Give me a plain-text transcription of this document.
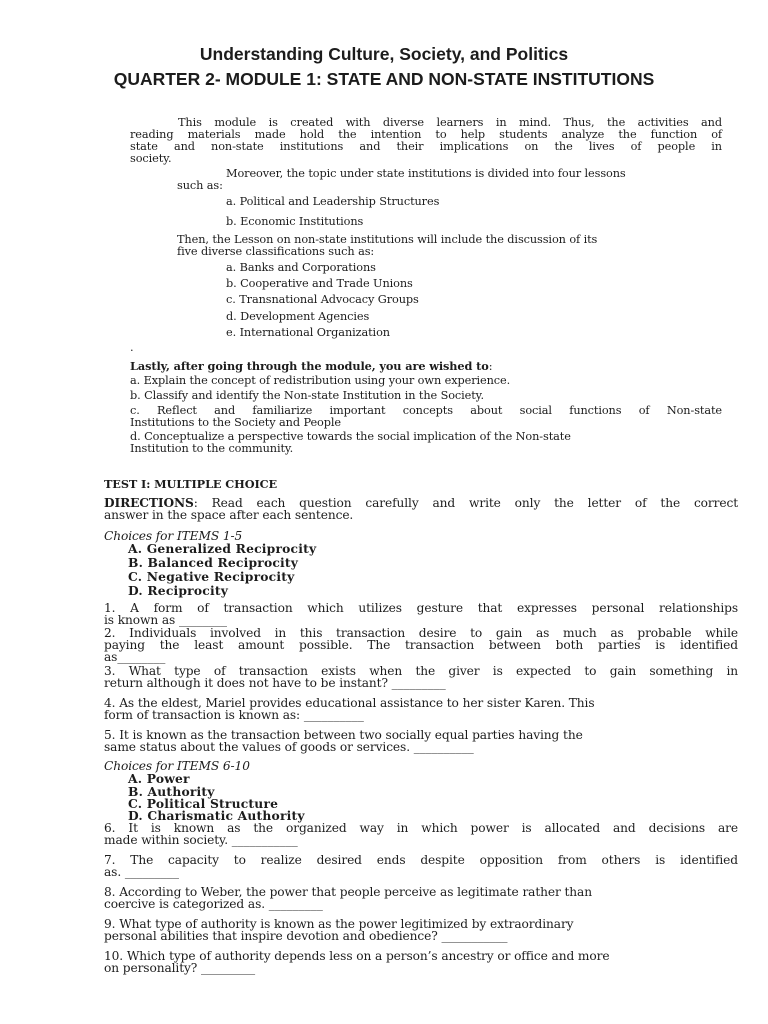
Understanding Culture, Society, and Politics
QUARTER 2- MODULE 1: STATE AND NON-STATE INSTITUTIONS
This module is created with diverse learners in mind. Thus, the activities and
reading materials made hold the intention to help students analyze the function of
state and non-state institutions and their implications on the lives of people in
society.
Moreover, the topic under state institutions is divided into four lessons
such as:
a. Political and Leadership Structures
b. Economic Institutions
Then, the Lesson on non-state institutions will include the discussion of its
five diverse classifications such as:
a. Banks and Corporations
b. Cooperative and Trade Unions
c. Transnational Advocacy Groups
d. Development Agencies
e. International Organization
.
Lastly, after going through the module, you are wished to:
a. Explain the concept of redistribution using your own experience.
b. Classify and identify the Non-state Institution in the Society.
c. Reflect and familiarize important concepts about social functions of Non-state
Institutions to the Society and People
d. Conceptualize a perspective towards the social implication of the Non-state
Institution to the community.
TEST I: MULTIPLE CHOICE
DIRECTIONS: Read each question carefully and write only the letter of the correct
answer in the space after each sentence.
Choices for ITEMS 1-5
A. Generalized Reciprocity
B. Balanced Reciprocity
C. Negative Reciprocity
D. Reciprocity
1. A form of transaction which utilizes gesture that expresses personal relationships
is known as ________
2. Individuals involved in this transaction desire to gain as much as probable while
paying the least amount possible. The transaction between both parties is identified
as________
3. What type of transaction exists when the giver is expected to gain something in
return although it does not have to be instant? _________
4. As the eldest, Mariel provides educational assistance to her sister Karen. This
form of transaction is known as: __________
5. It is known as the transaction between two socially equal parties having the
same status about the values of goods or services. __________
Choices for ITEMS 6-10
A. Power
B. Authority
C. Political Structure
D. Charismatic Authority
6. It is known as the organized way in which power is allocated and decisions are
made within society. ___________
7. The capacity to realize desired ends despite opposition from others is identified
as. _________
8. According to Weber, the power that people perceive as legitimate rather than
coercive is categorized as. _________
9. What type of authority is known as the power legitimized by extraordinary
personal abilities that inspire devotion and obedience? ___________
10. Which type of authority depends less on a person’s ancestry or office and more
on personality? _________
